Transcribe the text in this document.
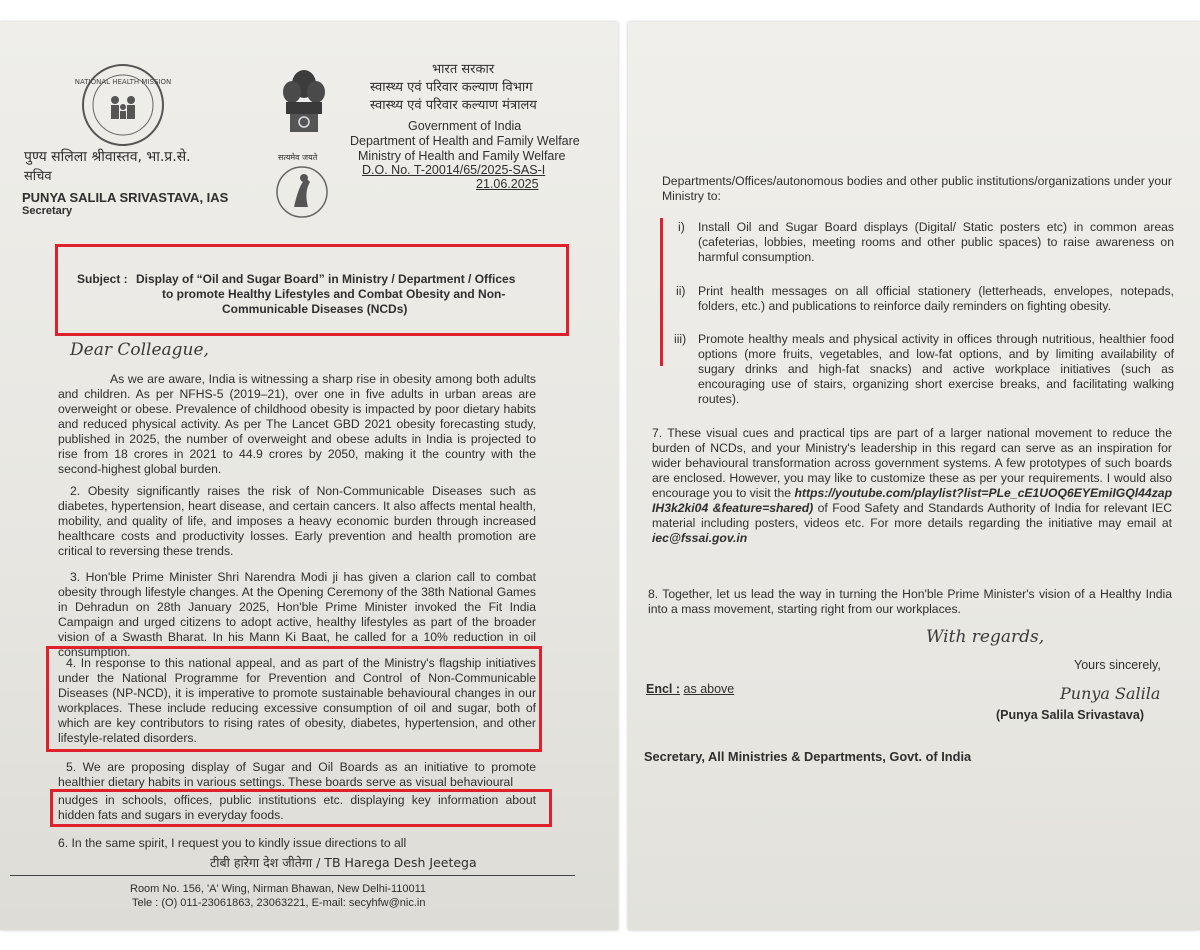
NATIONAL HEALTH MISSION
पुण्य सलिला श्रीवास्तव, भा.प्र.से.
सचिव
PUNYA SALILA SRIVASTAVA, IAS
Secretary
सत्यमेव जयते
भारत सरकार
स्वास्थ्य एवं परिवार कल्याण विभाग
स्वास्थ्य एवं परिवार कल्याण मंत्रालय
Government of India
Department of Health and Family Welfare
Ministry of Health and Family Welfare
D.O. No. T-20014/65/2025-SAS-I
21.06.2025
Subject : Display of “Oil and Sugar Board” in Ministry / Department / Offices
to promote Healthy Lifestyles and Combat Obesity and Non-
Communicable Diseases (NCDs)
Dear Colleague,
As we are aware, India is witnessing a sharp rise in obesity among both adults and children. As per NFHS-5 (2019–21), over one in five adults in urban areas are overweight or obese. Prevalence of childhood obesity is impacted by poor dietary habits and reduced physical activity. As per The Lancet GBD 2021 obesity forecasting study, published in 2025, the number of overweight and obese adults in India is projected to rise from 18 crores in 2021 to 44.9 crores by 2050, making it the country with the second-highest global burden.
2. Obesity significantly raises the risk of Non-Communicable Diseases such as diabetes, hypertension, heart disease, and certain cancers. It also affects mental health, mobility, and quality of life, and imposes a heavy economic burden through increased healthcare costs and productivity losses. Early prevention and health promotion are critical to reversing these trends.
3. Hon'ble Prime Minister Shri Narendra Modi ji has given a clarion call to combat obesity through lifestyle changes. At the Opening Ceremony of the 38th National Games in Dehradun on 28th January 2025, Hon'ble Prime Minister invoked the Fit India Campaign and urged citizens to adopt active, healthy lifestyles as part of the broader vision of a Swasth Bharat. In his Mann Ki Baat, he called for a 10% reduction in oil consumption.
4. In response to this national appeal, and as part of the Ministry's flagship initiatives under the National Programme for Prevention and Control of Non-Communicable Diseases (NP-NCD), it is imperative to promote sustainable behavioural changes in our workplaces. These include reducing excessive consumption of oil and sugar, both of which are key contributors to rising rates of obesity, diabetes, hypertension, and other lifestyle-related disorders.
5. We are proposing display of Sugar and Oil Boards as an initiative to promote healthier dietary habits in various settings. These boards serve as visual behavioural
nudges in schools, offices, public institutions etc. displaying key information about hidden fats and sugars in everyday foods.
6. In the same spirit, I request you to kindly issue directions to all
टीबी हारेगा देश जीतेगा / TB Harega Desh Jeetega
Room No. 156, 'A' Wing, Nirman Bhawan, New Delhi-110011
Tele : (O) 011-23061863, 23063221, E-mail: secyhfw@nic.in
Departments/Offices/autonomous bodies and other public institutions/organizations under your Ministry to:
i) Install Oil and Sugar Board displays (Digital/ Static posters etc) in common areas (cafeterias, lobbies, meeting rooms and other public spaces) to raise awareness on harmful consumption.
ii) Print health messages on all official stationery (letterheads, envelopes, notepads, folders, etc.) and publications to reinforce daily reminders on fighting obesity.
iii) Promote healthy meals and physical activity in offices through nutritious, healthier food options (more fruits, vegetables, and low-fat options, and by limiting availability of sugary drinks and high-fat snacks) and active workplace initiatives (such as encouraging use of stairs, organizing short exercise breaks, and facilitating walking routes).
7. These visual cues and practical tips are part of a larger national movement to reduce the burden of NCDs, and your Ministry's leadership in this regard can serve as an inspiration for wider behavioural transformation across government systems. A few prototypes of such boards are enclosed. However, you may like to customize these as per your requirements. I would also encourage you to visit the https://youtube.com/playlist?list=PLe_cE1UOQ6EYEmiIGQl44zapIH3k2ki04 &feature=shared) of Food Safety and Standards Authority of India for relevant IEC material including posters, videos etc. For more details regarding the initiative may email at iec@fssai.gov.in
8. Together, let us lead the way in turning the Hon'ble Prime Minister's vision of a Healthy India into a mass movement, starting right from our workplaces.
With regards,
Yours sincerely,
Encl : as above	Punya Salila
(Punya Salila Srivastava)
Secretary, All Ministries & Departments, Govt. of India
